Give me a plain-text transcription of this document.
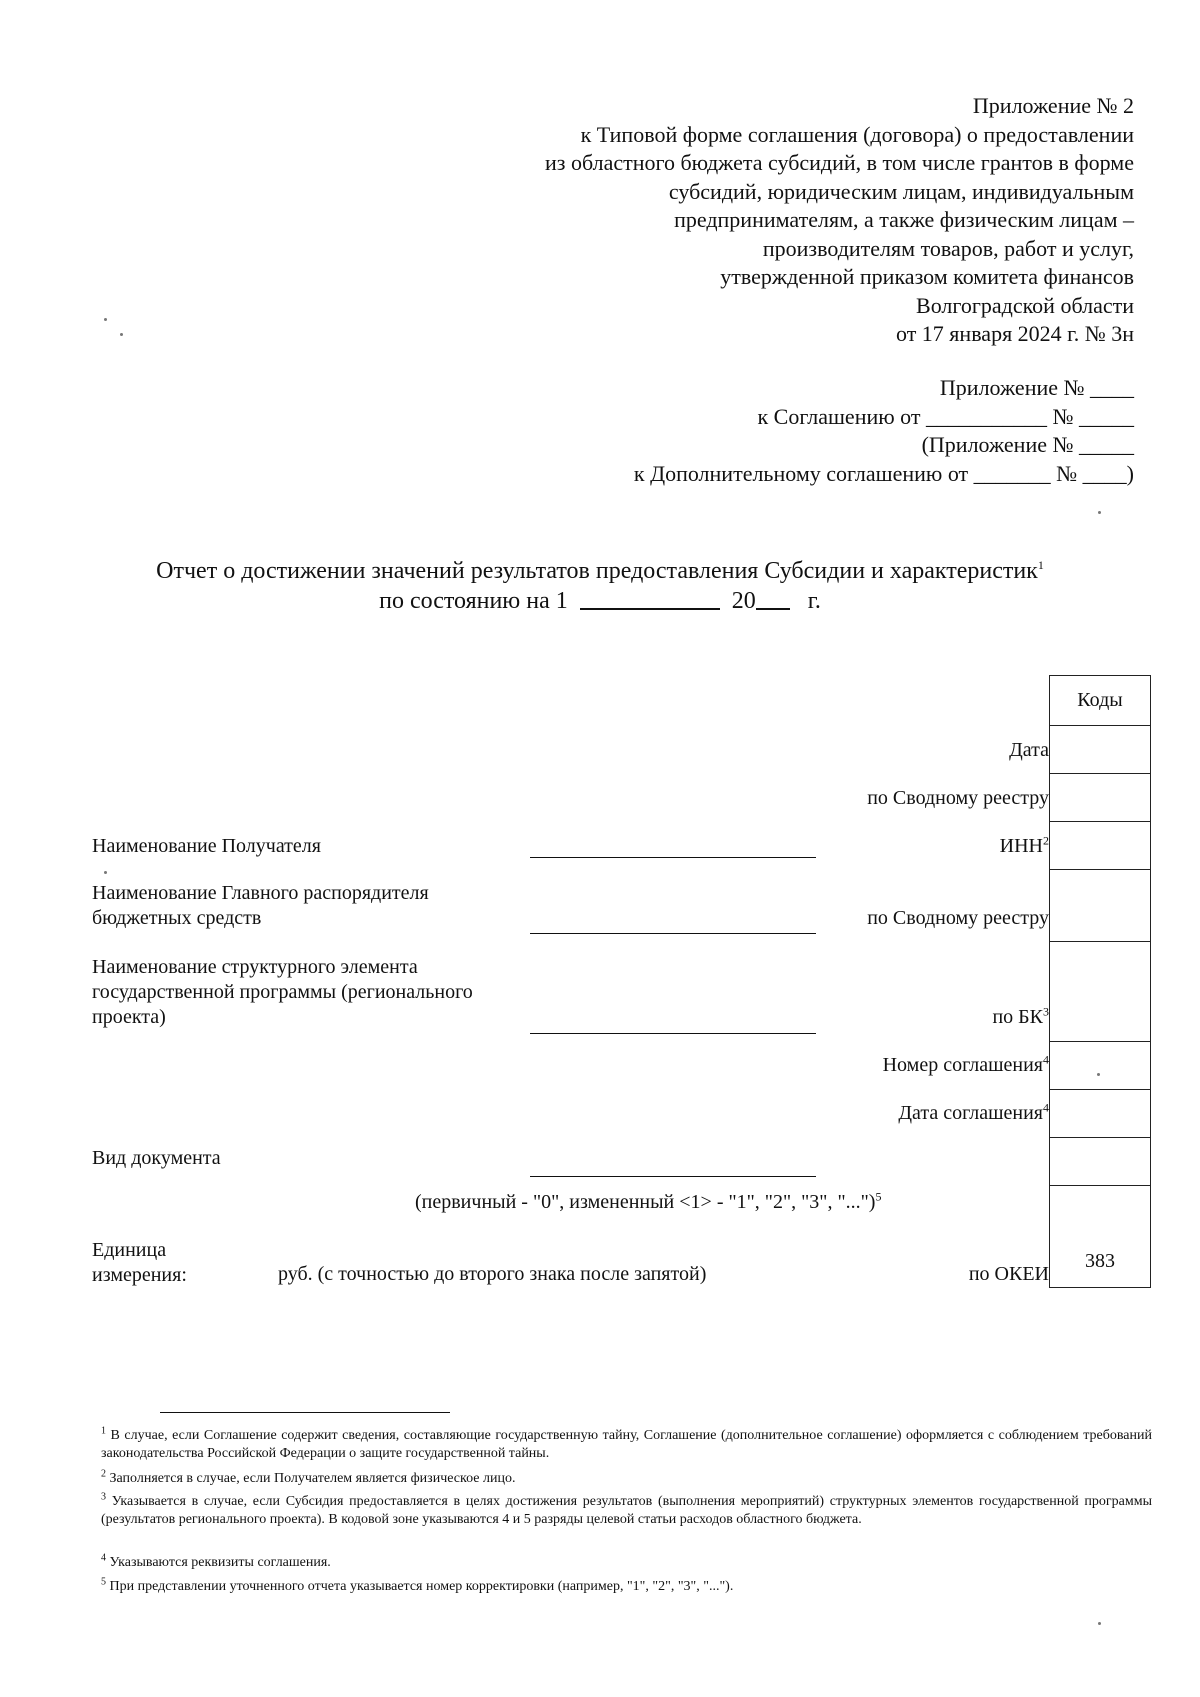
Приложение № 2
к Типовой форме соглашения (договора) о предоставлении
из областного бюджета субсидий, в том числе грантов в форме
субсидий, юридическим лицам, индивидуальным
предпринимателям, а также физическим лицам –
производителям товаров, работ и услуг,
утвержденной приказом комитета финансов
Волгоградской области
от 17 января 2024 г. № 3н
Приложение № ____
к Соглашению от ___________ № _____
(Приложение № _____
к Дополнительному соглашению от _______ № ____)
Отчет о достижении значений результатов предоставления Субсидии и характеристик$^1$
по состоянию на 1	20 г.
Коды
383
Дата
по Сводному реестру
ИНН$^2$
по Сводному реестру
по $БК^3$
Номер соглашения$^4$
Дата соглашения$^4$
по ОКЕИ
Наименование Получателя
Наименование Главного распорядителя
бюджетных средств
Наименование структурного элемента
государственной программы (регионального
проекта)
Вид документа
(первичный - "0", измененный <1> - "1", "2", "3", "...")$^5$
Единица
измерения:	руб. (с точностью до второго знака после запятой)
$^1$ В случае, если Соглашение содержит сведения, составляющие государственную тайну, Соглашение (дополнительное соглашение) оформляется с соблюдением требований законодательства Российской Федерации о защите государственной тайны.
$^2$ Заполняется в случае, если Получателем является физическое лицо.
$^3$ Указывается в случае, если Субсидия предоставляется в целях достижения результатов (выполнения мероприятий) структурных элементов государственной программы (результатов регионального проекта). В кодовой зоне указываются 4 и 5 разряды целевой статьи расходов областного бюджета.
$^4$ Указываются реквизиты соглашения.
$^5$ При представлении уточненного отчета указывается номер корректировки (например, "1", "2", "3", "...").
